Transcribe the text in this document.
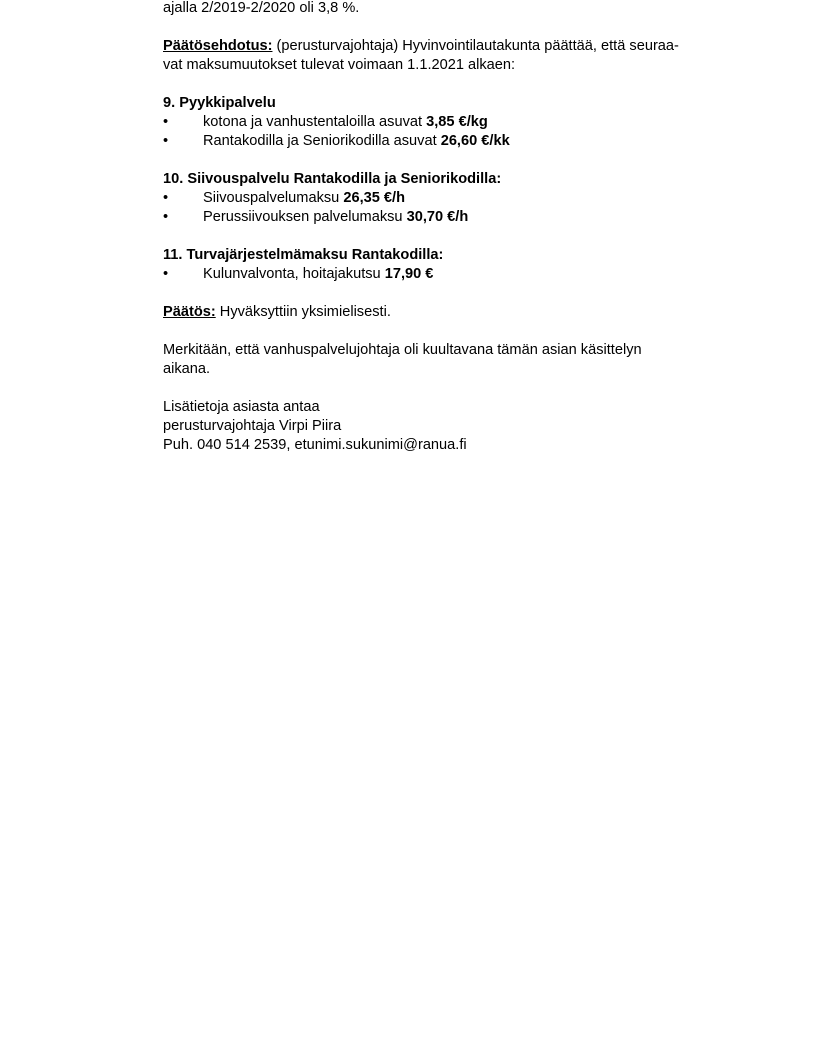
ajalla 2/2019-2/2020 oli 3,8 %.
Päätösehdotus: (perusturvajohtaja) Hyvinvointilautakunta päättää, että seuraa-
vat maksumuutokset tulevat voimaan 1.1.2021 alkaen:
9. Pyykkipalvelu
• kotona ja vanhustentaloilla asuvat 3,85 €/kg
• Rantakodilla ja Seniorikodilla asuvat 26,60 €/kk
10. Siivouspalvelu Rantakodilla ja Seniorikodilla:
• Siivouspalvelumaksu 26,35 €/h
• Perussiivouksen palvelumaksu 30,70 €/h
11. Turvajärjestelmämaksu Rantakodilla:
• Kulunvalvonta, hoitajakutsu 17,90 €
Päätös: Hyväksyttiin yksimielisesti.
Merkitään, että vanhuspalvelujohtaja oli kuultavana tämän asian käsittelyn
aikana.
Lisätietoja asiasta antaa
perusturvajohtaja Virpi Piira
Puh. 040 514 2539, etunimi.sukunimi@ranua.fi
